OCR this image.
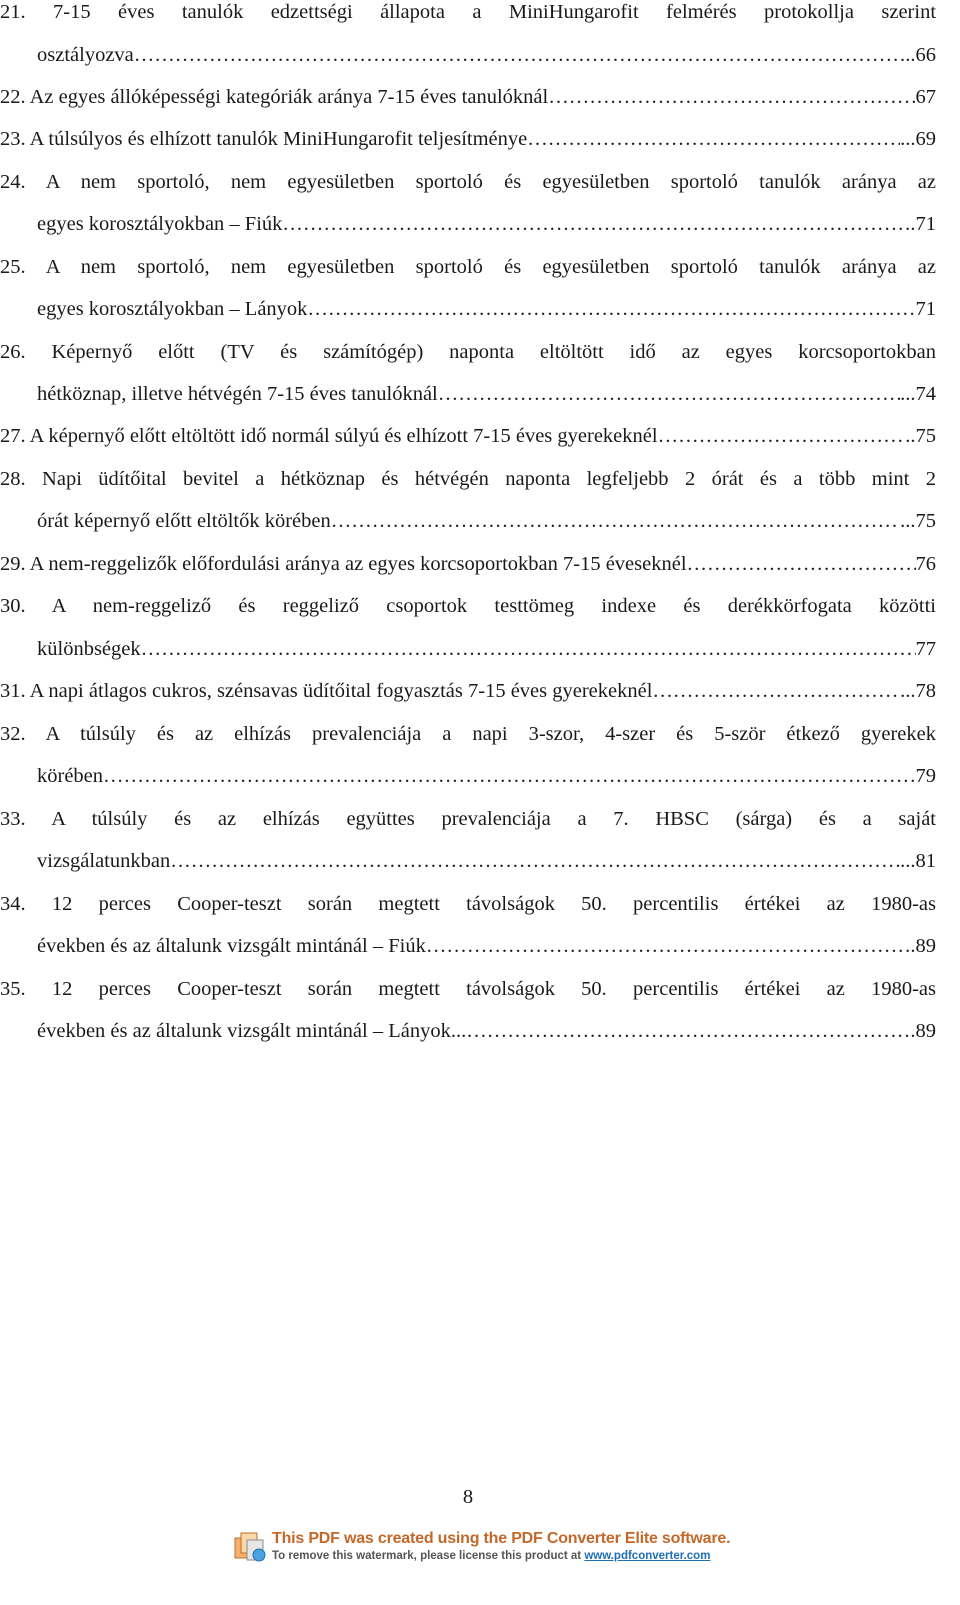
21. 7-15 éves tanulók edzettségi állapota a MiniHungarofit felmérés protokollja szerint
osztályozva …………………………………………………………………………………………………………………………………………………………	..66
22. Az egyes állóképességi kategóriák aránya 7-15 éves tanulóknál …………………………………………………………………………………………………………………………………………………………	67
23. A túlsúlyos és elhízott tanulók MiniHungarofit teljesítménye …………………………………………………………………………………………………………………………………………………………	...69
24. A nem sportoló, nem egyesületben sportoló és egyesületben sportoló tanulók aránya az
egyes korosztályokban – Fiúk …………………………………………………………………………………………………………………………………………………………	.71
25. A nem sportoló, nem egyesületben sportoló és egyesületben sportoló tanulók aránya az
egyes korosztályokban – Lányok …………………………………………………………………………………………………………………………………………………………	71
26. Képernyő előtt (TV és számítógép) naponta eltöltött idő az egyes korcsoportokban
hétköznap, illetve hétvégén 7-15 éves tanulóknál …………………………………………………………………………………………………………………………………………………………	...74
27. A képernyő előtt eltöltött idő normál súlyú és elhízott 7-15 éves gyerekeknél …………………………………………………………………………………………………………………………………………………………	..75
28. Napi üdítőital bevitel a hétköznap és hétvégén naponta legfeljebb 2 órát és a több mint 2
órát képernyő előtt eltöltők körében …………………………………………………………………………………………………………………………………………………………	...75
29. A nem-reggelizők előfordulási aránya az egyes korcsoportokban 7-15 éveseknél …………………………………………………………………………………………………………………………………………………………	76
30. A nem-reggeliző és reggeliző csoportok testtömeg indexe és derékkörfogata közötti
különbségek …………………………………………………………………………………………………………………………………………………………	77
31. A napi átlagos cukros, szénsavas üdítőital fogyasztás 7-15 éves gyerekeknél …………………………………………………………………………………………………………………………………………………………	...78
32. A túlsúly és az elhízás prevalenciája a napi 3-szor, 4-szer és 5-ször étkező gyerekek
körében …………………………………………………………………………………………………………………………………………………………	79
33. A túlsúly és az elhízás együttes prevalenciája a 7. HBSC (sárga) és a saját
vizsgálatunkban …………………………………………………………………………………………………………………………………………………………	...81
34. 12 perces Cooper-teszt során megtett távolságok 50. percentilis értékei az 1980-as
években és az általunk vizsgált mintánál – Fiúk …………………………………………………………………………………………………………………………………………………………	.89
35. 12 perces Cooper-teszt során megtett távolságok 50. percentilis értékei az 1980-as
években és az általunk vizsgált mintánál – Lányok... …………………………………………………………………………………………………………………………………………………………	.89
8
This PDF was created using the PDF Converter Elite software.
To remove this watermark, please license this product at www.pdfconverter.com
